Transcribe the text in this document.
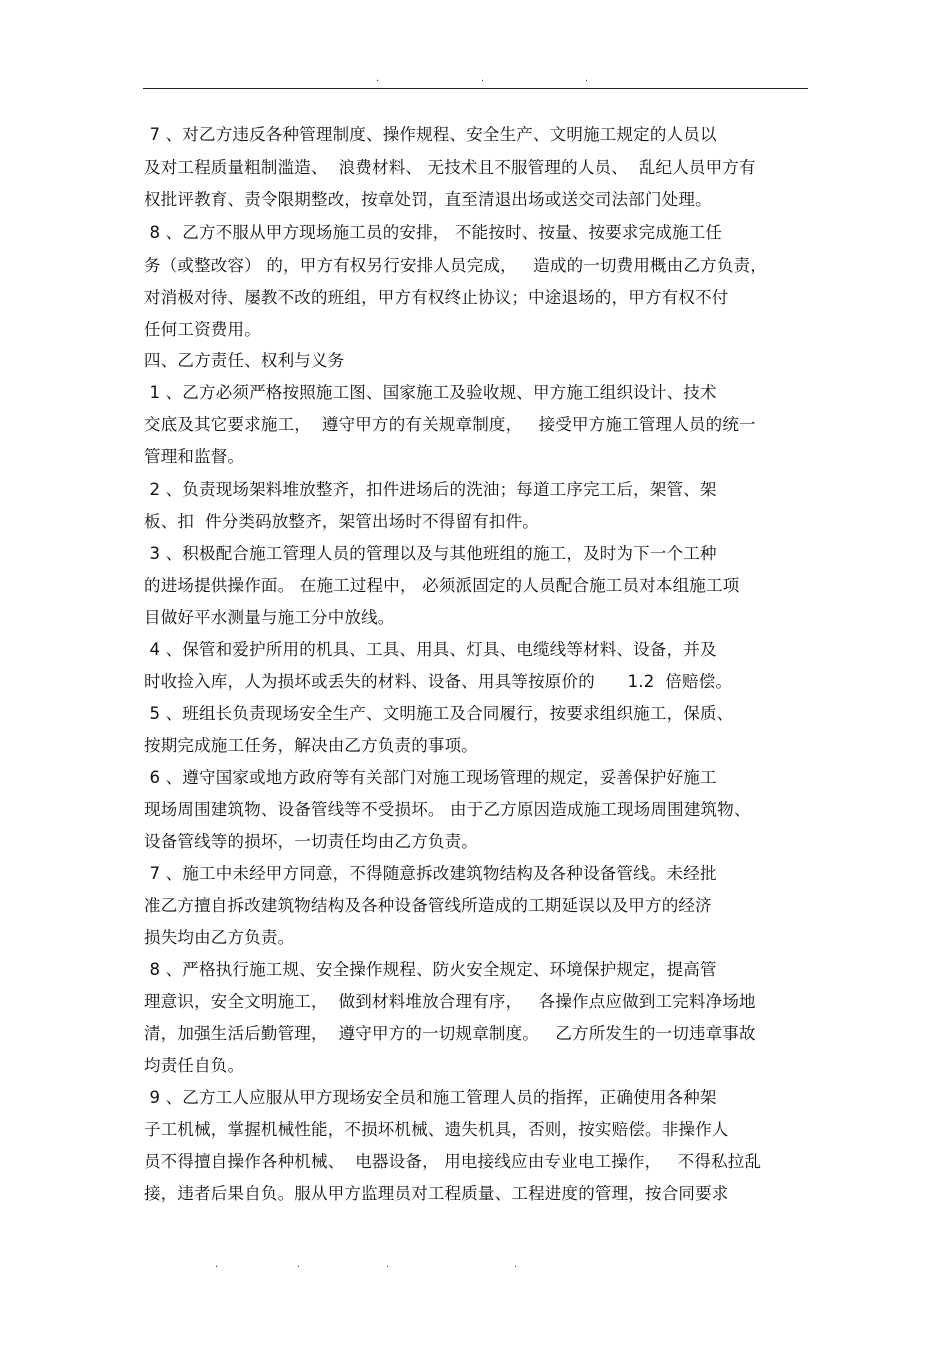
.	.	.
7 、对乙方违反各种管理制度、操作规程、安全生产、文明施工规定的人员以
及对工程质量粗制滥造、  浪费材料、 无技术且不服管理的人员、  乱纪人员甲方有
权批评教育、责令限期整改，按章处罚，直至清退出场或送交司法部门处理。
8 、乙方不服从甲方现场施工员的安排， 不能按时、按量、按要求完成施工任
务（或整改容） 的，甲方有权另行安排人员完成，   造成的一切费用概由乙方负责，
对消极对待、屡教不改的班组，甲方有权终止协议；中途退场的，甲方有权不付
任何工资费用。
四、乙方责任、权利与义务
1 、乙方必须严格按照施工图、国家施工及验收规、甲方施工组织设计、技术
交底及其它要求施工，  遵守甲方的有关规章制度，   接受甲方施工管理人员的统一
管理和监督。
2 、负责现场架料堆放整齐，扣件进场后的洗油；每道工序完工后，架管、架
板、扣  件分类码放整齐，架管出场时不得留有扣件。
3 、积极配合施工管理人员的管理以及与其他班组的施工，及时为下一个工种
的进场提供操作面。 在施工过程中， 必须派固定的人员配合施工员对本组施工项
目做好平水测量与施工分中放线。
4 、保管和爱护所用的机具、工具、用具、灯具、电缆线等材料、设备，并及
时收捡入库，人为损坏或丢失的材料、设备、用具等按原价的      1.2  倍赔偿。
5 、班组长负责现场安全生产、文明施工及合同履行，按要求组织施工，保质、
按期完成施工任务，解决由乙方负责的事项。
6 、遵守国家或地方政府等有关部门对施工现场管理的规定，妥善保护好施工
现场周围建筑物、设备管线等不受损坏。 由于乙方原因造成施工现场周围建筑物、
设备管线等的损坏，一切责任均由乙方负责。
7 、施工中未经甲方同意，不得随意拆改建筑物结构及各种设备管线。未经批
准乙方擅自拆改建筑物结构及各种设备管线所造成的工期延误以及甲方的经济
损失均由乙方负责。
8 、严格执行施工规、安全操作规程、防火安全规定、环境保护规定，提高管
理意识，安全文明施工，  做到材料堆放合理有序，   各操作点应做到工完料净场地
清，加强生活后勤管理，  遵守甲方的一切规章制度。   乙方所发生的一切违章事故
均责任自负。
9 、乙方工人应服从甲方现场安全员和施工管理人员的指挥，正确使用各种架
子工机械，掌握机械性能，不损坏机械、遗失机具，否则，按实赔偿。非操作人
员不得擅自操作各种机械、  电器设备， 用电接线应由专业电工操作，   不得私拉乱
接，违者后果自负。服从甲方监理员对工程质量、工程进度的管理，按合同要求
.	.	.	.
